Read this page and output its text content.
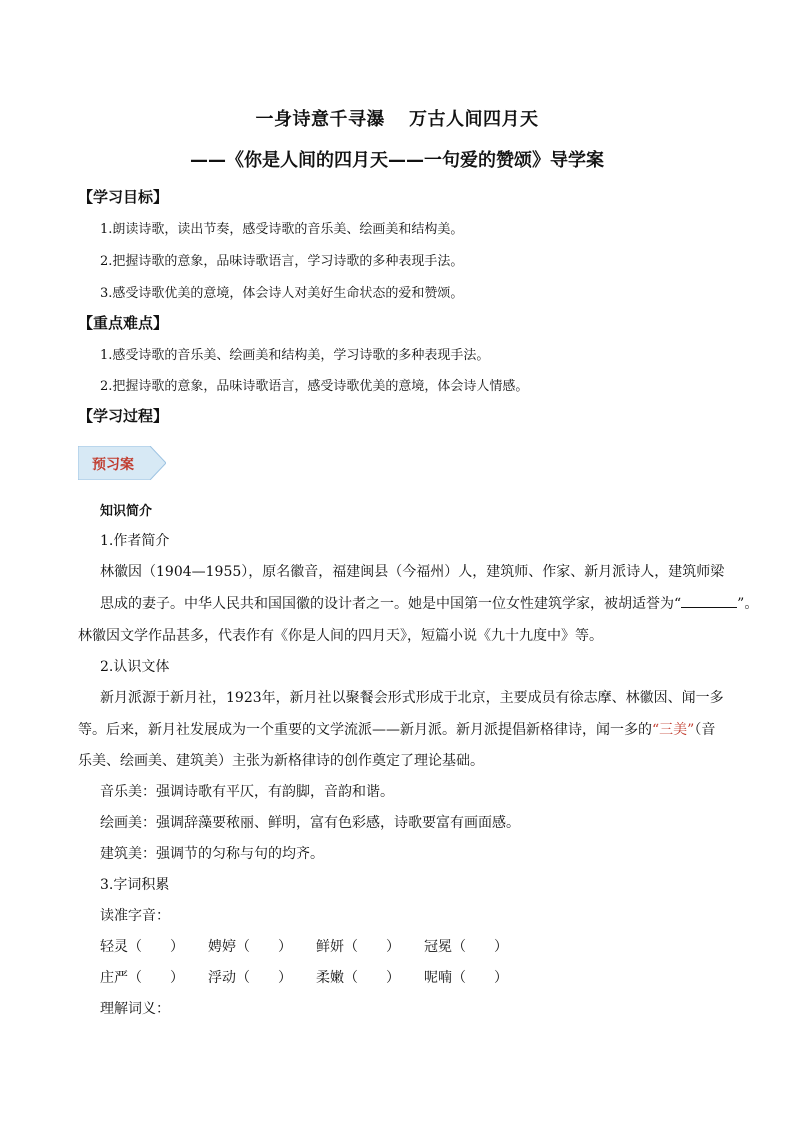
一身诗意千寻瀑 万古人间四月天
——《你是人间的四月天——一句爱的赞颂》导学案
【学习目标】
1.朗读诗歌，读出节奏，感受诗歌的音乐美、绘画美和结构美。
2.把握诗歌的意象，品味诗歌语言，学习诗歌的多种表现手法。
3.感受诗歌优美的意境，体会诗人对美好生命状态的爱和赞颂。
【重点难点】
1.感受诗歌的音乐美、绘画美和结构美，学习诗歌的多种表现手法。
2.把握诗歌的意象，品味诗歌语言，感受诗歌优美的意境，体会诗人情感。
【学习过程】
预习案
知识简介
1.作者简介
林徽因（1904—1955），原名徽音，福建闽县（今福州）人，建筑师、作家、新月派诗人，建筑师梁
思成的妻子。中华人民共和国国徽的设计者之一。她是中国第一位女性建筑学家，被胡适誉为“	”。
林徽因文学作品甚多，代表作有《你是人间的四月天》，短篇小说《九十九度中》等。
2.认识文体
新月派源于新月社，1923年，新月社以聚餐会形式形成于北京，主要成员有徐志摩、林徽因、闻一多
等。后来，新月社发展成为一个重要的文学流派——新月派。新月派提倡新格律诗，闻一多的“三美”（音
乐美、绘画美、建筑美）主张为新格律诗的创作奠定了理论基础。
音乐美：强调诗歌有平仄，有韵脚，音韵和谐。
绘画美：强调辞藻要秾丽、鲜明，富有色彩感，诗歌要富有画面感。
建筑美：强调节的匀称与句的均齐。
3.字词积累
读准字音：
轻灵（　　） 娉婷（　　） 鲜妍（　　） 冠冕（　　）
庄严（　　） 浮动（　　） 柔嫩（　　） 呢喃（　　）
理解词义：
